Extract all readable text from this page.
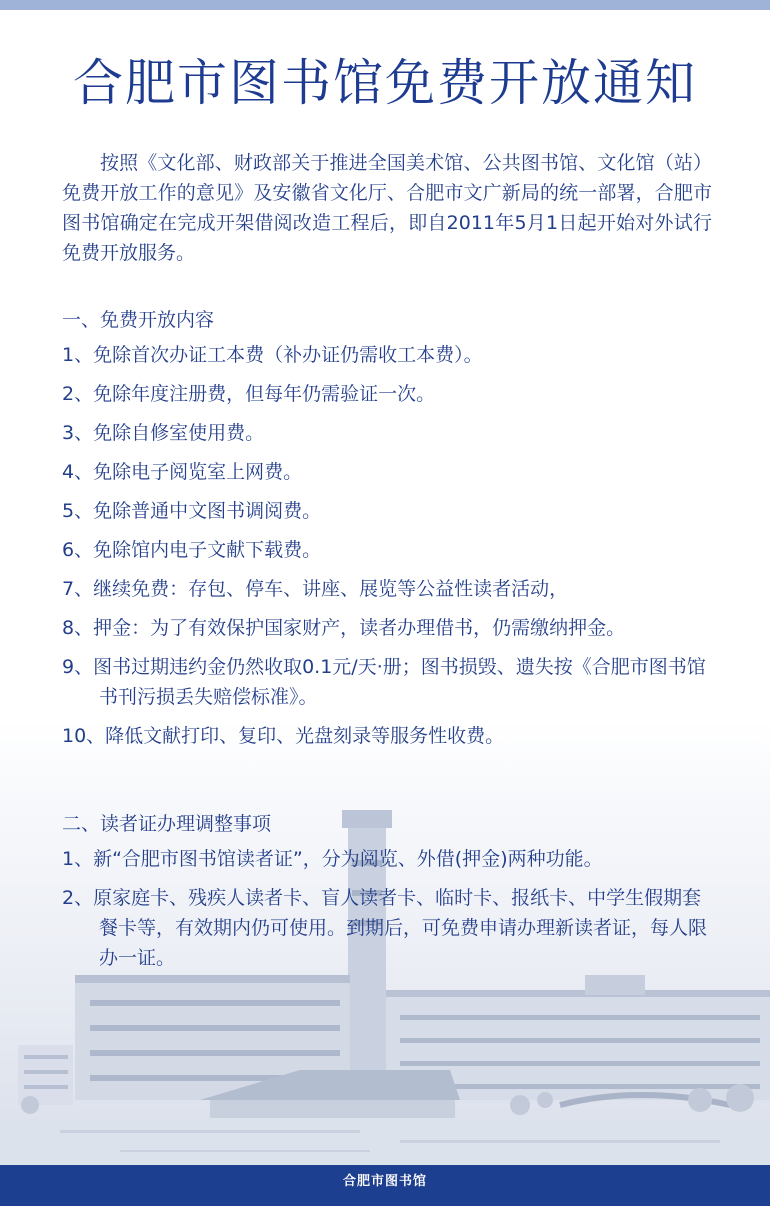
合肥市图书馆免费开放通知

按照《文化部、财政部关于推进全国美术馆、公共图书馆、文化馆（站）免费开放工作的意见》及安徽省文化厅、合肥市文广新局的统一部署，合肥市图书馆确定在完成开架借阅改造工程后，即自2011年5月1日起开始对外试行免费开放服务。

一、免费开放内容
1、免除首次办证工本费（补办证仍需收工本费）。
2、免除年度注册费，但每年仍需验证一次。
3、免除自修室使用费。
4、免除电子阅览室上网费。
5、免除普通中文图书调阅费。
6、免除馆内电子文献下载费。
7、继续免费：存包、停车、讲座、展览等公益性读者活动，
8、押金：为了有效保护国家财产，读者办理借书，仍需缴纳押金。
9、图书过期违约金仍然收取0.1元/天·册；图书损毁、遗失按《合肥市图书馆书刊污损丢失赔偿标准》。
10、降低文献打印、复印、光盘刻录等服务性收费。
二、读者证办理调整事项
1、新“合肥市图书馆读者证”，分为阅览、外借(押金)两种功能。
2、原家庭卡、残疾人读者卡、盲人读者卡、临时卡、报纸卡、中学生假期套餐卡等，有效期内仍可使用。到期后，可免费申请办理新读者证，每人限办一证。
合肥市图书馆
